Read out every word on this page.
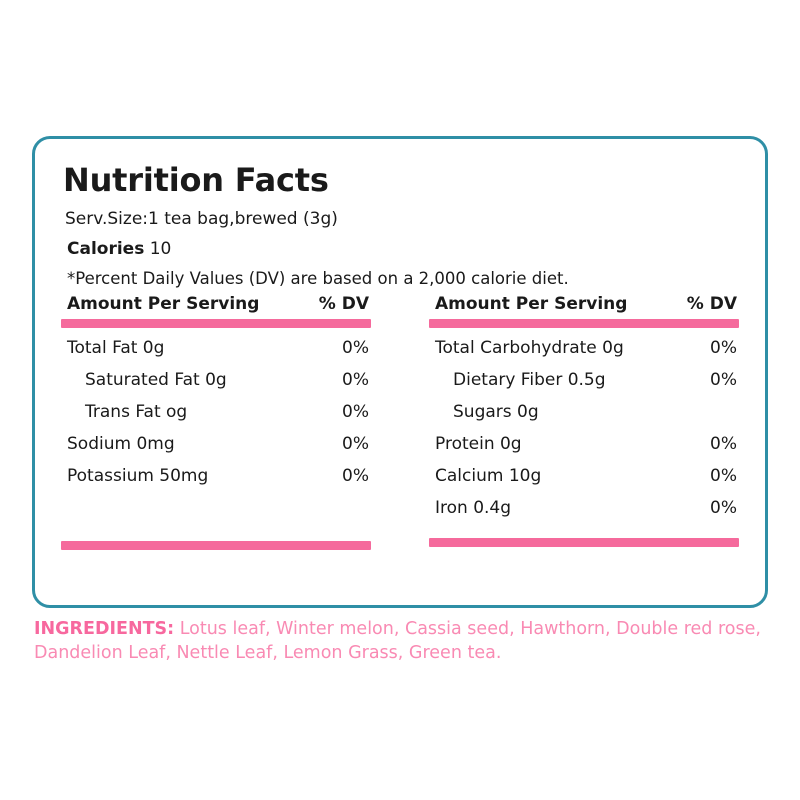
Nutrition Facts
Serv.Size:1 tea bag,brewed (3g)
Calories 10
*Percent Daily Values (DV) are based on a 2,000 calorie diet.
Amount Per Serving	% DV
Total Fat 0g	0%
Saturated Fat 0g	0%
Trans Fat og	0%
Sodium 0mg	0%
Potassium 50mg	0%
Amount Per Serving	% DV
Total Carbohydrate 0g	0%
Dietary Fiber 0.5g	0%
Sugars 0g
Protein 0g	0%
Calcium 10g	0%
Iron 0.4g	0%
INGREDIENTS: Lotus leaf, Winter melon, Cassia seed, Hawthorn, Double red rose, Dandelion Leaf, Nettle Leaf, Lemon Grass, Green tea.
